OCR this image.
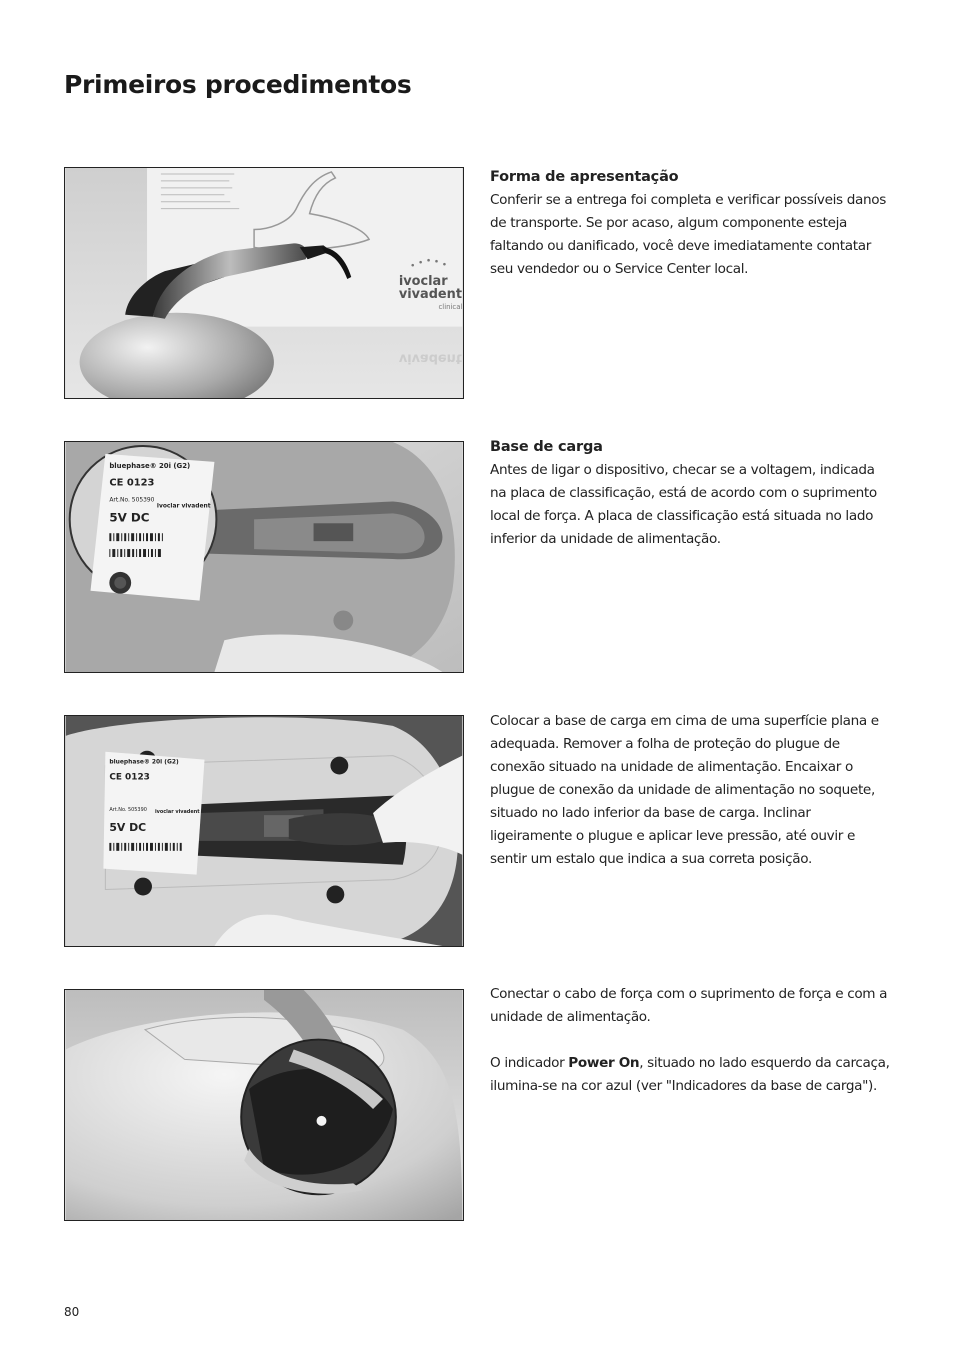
Primeiros procedimentos
ivoclar
vivadent
clinical
vivadent
Forma de apresentação

Conferir se a entrega foi completa e verificar possíveis danos de transporte. Se por acaso, algum componente esteja faltando ou danificado, você deve imediatamente contatar seu vendedor ou o Service Center local.

bluephase® 20i (G2)
CE 0123
Art.No. 505390
5V DC
ivoclar vivadent
Base de carga

Antes de ligar o dispositivo, checar se a voltagem, indicada na placa de classificação, está de acordo com o suprimento local de força. A placa de classificação está situada no lado inferior da unidade de alimentação.

bluephase® 20i (G2)
CE 0123
Art.No. 505390
5V DC
ivoclar vivadent

Colocar a base de carga em cima de uma superfície plana e adequada. Remover a folha de proteção do plugue de conexão situado na unidade de alimentação. Encaixar o plugue de conexão da unidade de alimentação no soquete, situado no lado inferior da base de carga. Inclinar ligeiramente o plugue e aplicar leve pressão, até ouvir e sentir um estalo que indica a sua correta posição.

Conectar o cabo de força com o suprimento de força e com a unidade de alimentação.

O indicador Power On, situado no lado esquerdo da carcaça, ilumina-se na cor azul (ver "Indicadores da base de carga").

80
